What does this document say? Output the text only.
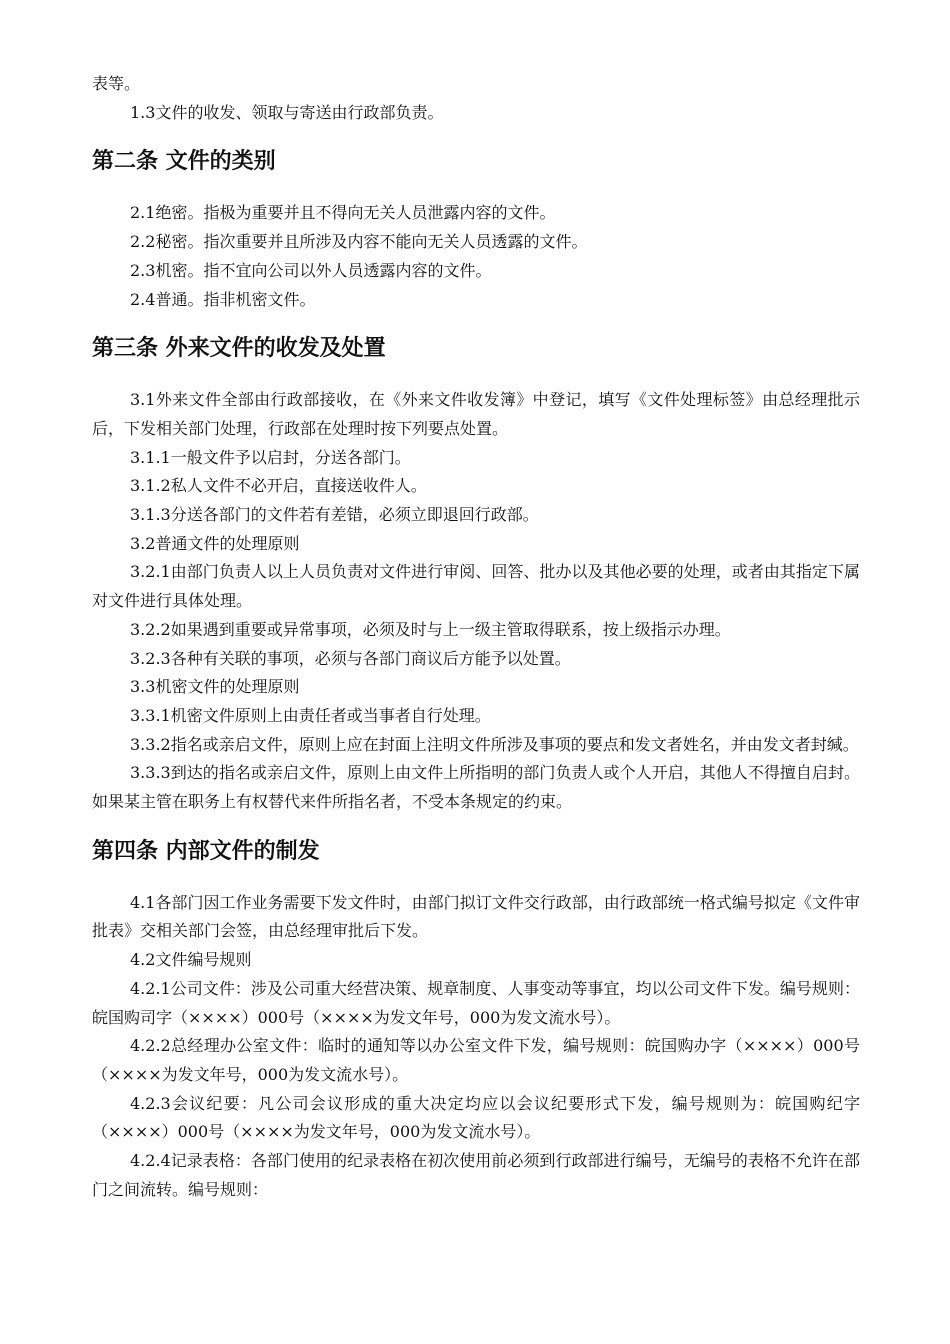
表等。

1.3文件的收发、领取与寄送由行政部负责。

第二条 文件的类别

2.1绝密。指极为重要并且不得向无关人员泄露内容的文件。

2.2秘密。指次重要并且所涉及内容不能向无关人员透露的文件。

2.3机密。指不宜向公司以外人员透露内容的文件。

2.4普通。指非机密文件。

第三条 外来文件的收发及处置

3.1外来文件全部由行政部接收，在《外来文件收发簿》中登记，填写《文件处理标签》由总经理批示后，下发相关部门处理，行政部在处理时按下列要点处置。

3.1.1一般文件予以启封，分送各部门。

3.1.2私人文件不必开启，直接送收件人。

3.1.3分送各部门的文件若有差错，必须立即退回行政部。

3.2普通文件的处理原则

3.2.1由部门负责人以上人员负责对文件进行审阅、回答、批办以及其他必要的处理，或者由其指定下属对文件进行具体处理。

3.2.2如果遇到重要或异常事项，必须及时与上一级主管取得联系，按上级指示办理。

3.2.3各种有关联的事项，必须与各部门商议后方能予以处置。

3.3机密文件的处理原则

3.3.1机密文件原则上由责任者或当事者自行处理。

3.3.2指名或亲启文件，原则上应在封面上注明文件所涉及事项的要点和发文者姓名，并由发文者封缄。

3.3.3到达的指名或亲启文件，原则上由文件上所指明的部门负责人或个人开启，其他人不得擅自启封。如果某主管在职务上有权替代来件所指名者，不受本条规定的约束。

第四条 内部文件的制发

4.1各部门因工作业务需要下发文件时，由部门拟订文件交行政部，由行政部统一格式编号拟定《文件审批表》交相关部门会签，由总经理审批后下发。

4.2文件编号规则

4.2.1公司文件：涉及公司重大经营决策、规章制度、人事变动等事宜，均以公司文件下发。编号规则：皖国购司字（××××）000号（××××为发文年号，000为发文流水号）。

4.2.2总经理办公室文件：临时的通知等以办公室文件下发，编号规则：皖国购办字（××××）000号（××××为发文年号，000为发文流水号）。

4.2.3会议纪要：凡公司会议形成的重大决定均应以会议纪要形式下发，编号规则为：皖国购纪字（××××）000号（××××为发文年号，000为发文流水号）。

4.2.4记录表格：各部门使用的纪录表格在初次使用前必须到行政部进行编号，无编号的表格不允许在部门之间流转。编号规则：
